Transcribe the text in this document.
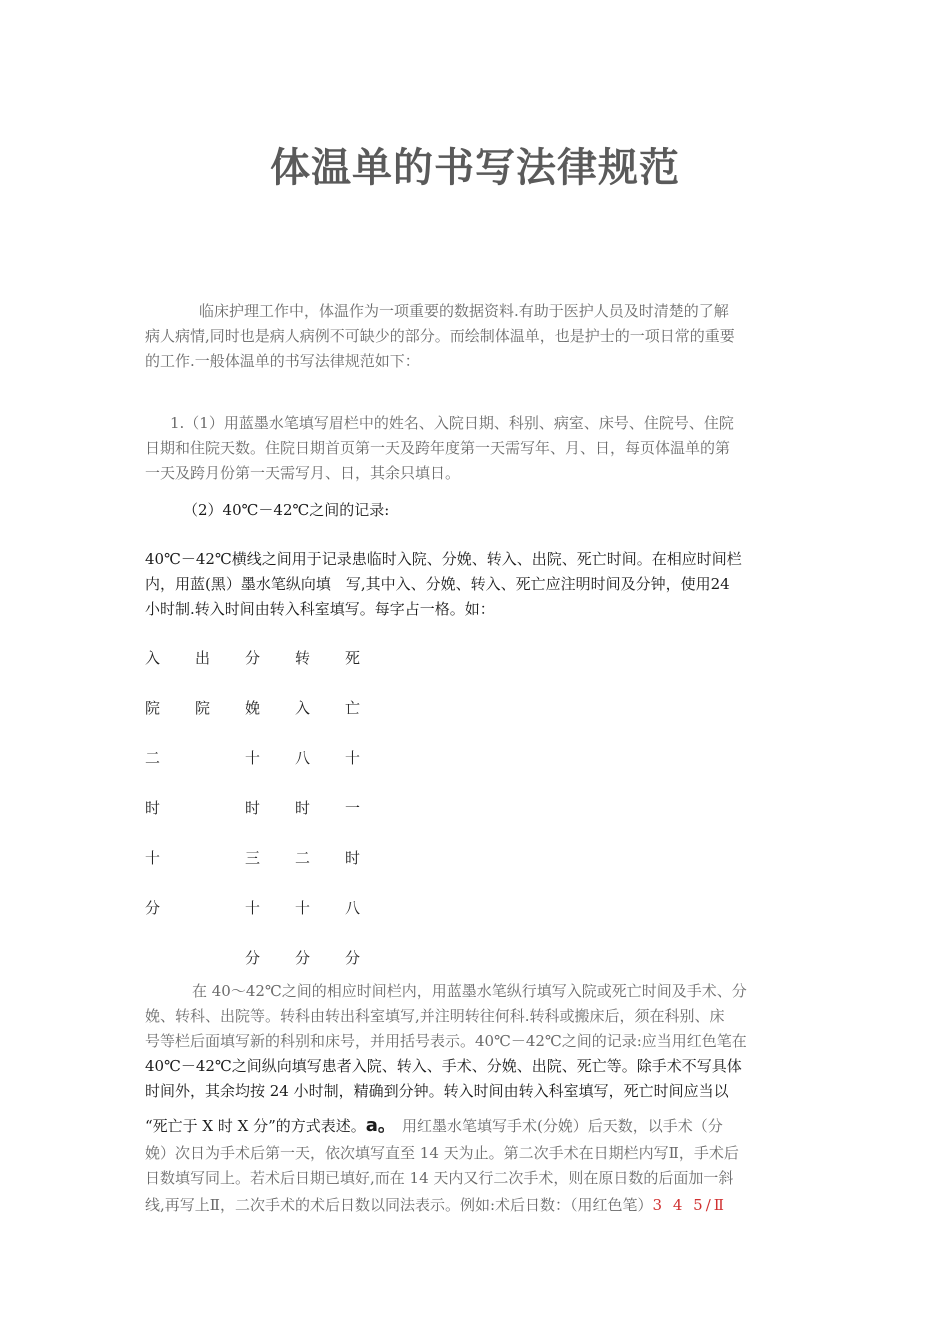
体温单的书写法律规范
临床护理工作中，体温作为一项重要的数据资料.有助于医护人员及时清楚的了解
病人病情,同时也是病人病例不可缺少的部分。而绘制体温单，也是护士的一项日常的重要
的工作.一般体温单的书写法律规范如下：
1.（1）用蓝墨水笔填写眉栏中的姓名、入院日期、科别、病室、床号、住院号、住院
日期和住院天数。住院日期首页第一天及跨年度第一天需写年、月、日，每页体温单的第
一天及跨月份第一天需写月、日，其余只填日。
（2）40℃－42℃之间的记录:
40℃－42℃横线之间用于记录患临时入院、分娩、转入、出院、死亡时间。在相应时间栏
内，用蓝(黑）墨水笔纵向填　写,其中入、分娩、转入、死亡应注明时间及分钟，使用24
小时制.转入时间由转入科室填写。每字占一格。如：
入
院
二
时
十
分
出
院
分
娩
十
时
三
十
分
转
入
八
时
二
十
分
死
亡
十
一
时
八
分
在 40～42℃之间的相应时间栏内，用蓝墨水笔纵行填写入院或死亡时间及手术、分
娩、转科、出院等。转科由转出科室填写,并注明转往何科.转科或搬床后，须在科别、床
号等栏后面填写新的科别和床号，并用括号表示。40℃－42℃之间的记录:应当用红色笔在
40℃－42℃之间纵向填写患者入院、转入、手术、分娩、出院、死亡等。除手术不写具体
时间外，其余均按 24 小时制，精确到分钟。转入时间由转入科室填写，死亡时间应当以
“死亡于 X 时 X 分”的方式表述。a。 用红墨水笔填写手术(分娩）后天数，以手术（分
娩）次日为手术后第一天，依次填写直至 14 天为止。第二次手术在日期栏内写Ⅱ，手术后
日数填写同上。若术后日期已填好,而在 14 天内又行二次手术，则在原日数的后面加一斜
线,再写上Ⅱ，二次手术的术后日数以同法表示。例如:术后日数：（用红色笔）3 4 5/Ⅱ
